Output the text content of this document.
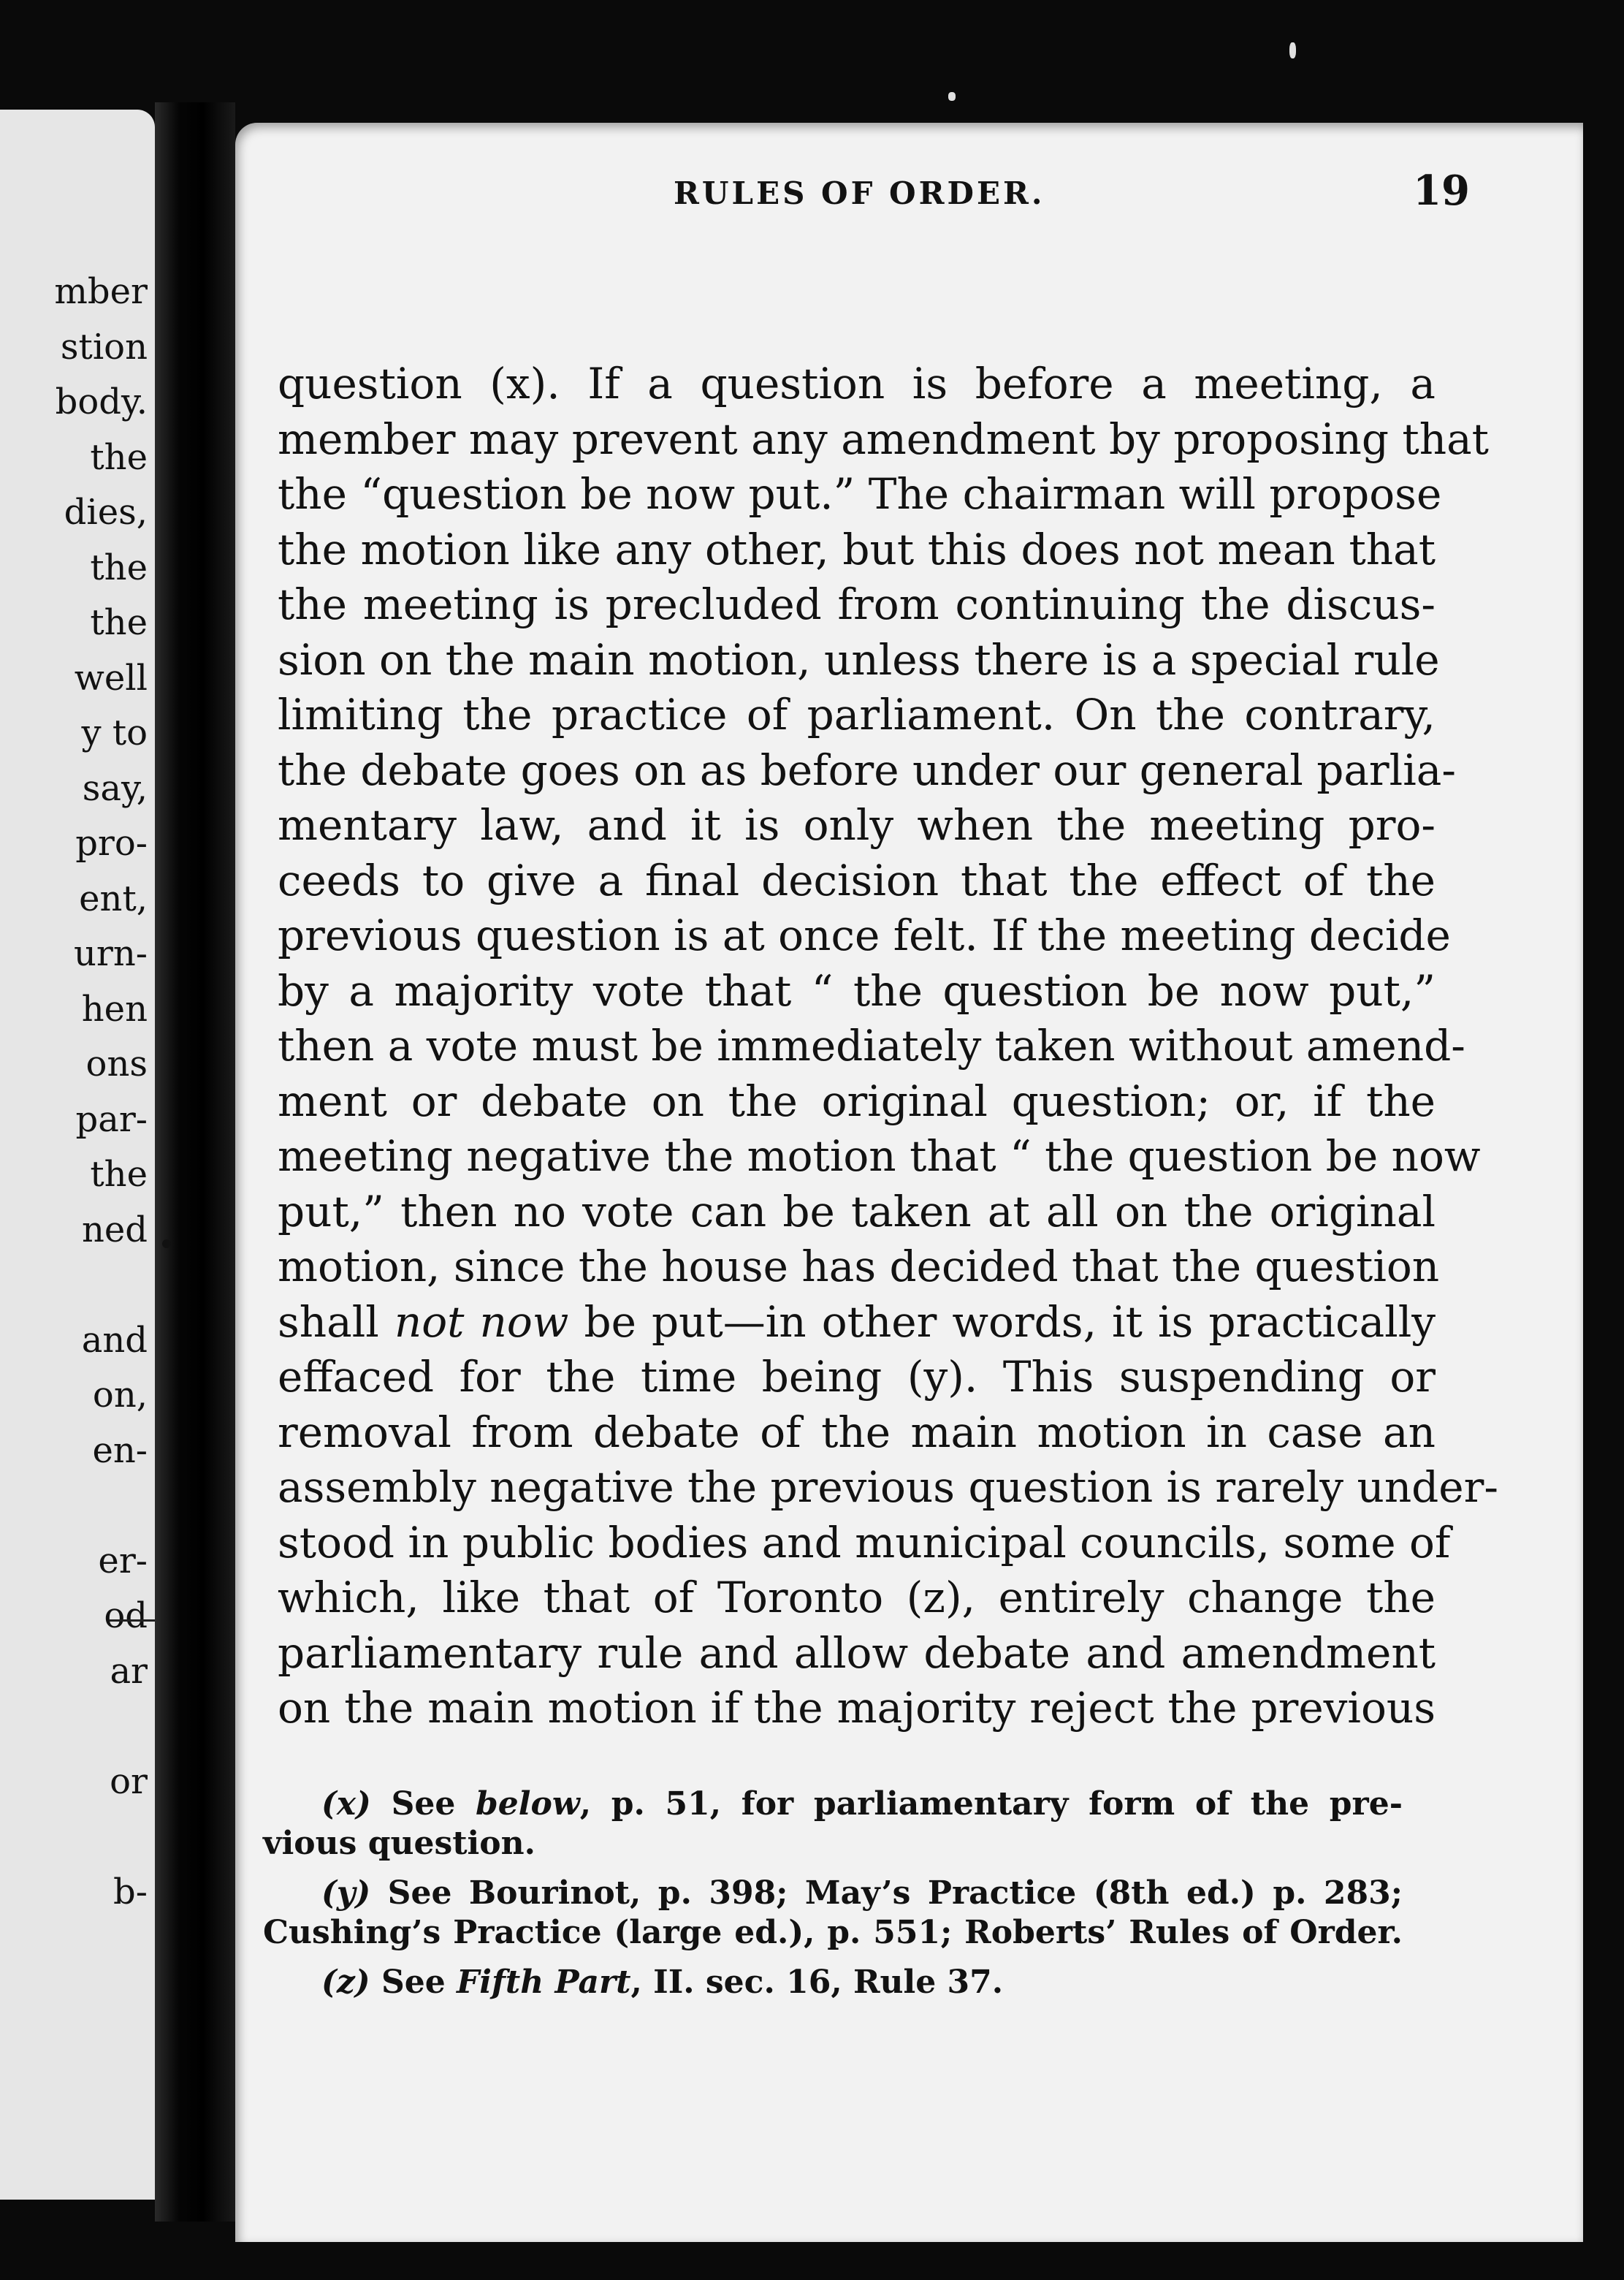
mber
stion
body.
the
dies,
the
the
well
y to
say,
pro-
ent,
urn-
hen
ons
par-
the
ned
and
on,
en-
er-
od
ar
or
b-
RULES OF ORDER.	19
question (x). If a question is before a meeting, a
member may prevent any amendment by proposing that
the “question be now put.” The chairman will propose
the motion like any other, but this does not mean that
the meeting is precluded from continuing the discus-
sion on the main motion, unless there is a special rule
limiting the practice of parliament. On the contrary,
the debate goes on as before under our general parlia-
mentary law, and it is only when the meeting pro-
ceeds to give a final decision that the effect of the
previous question is at once felt. If the meeting decide
by a majority vote that “ the question be now put,”
then a vote must be immediately taken without amend-
ment or debate on the original question; or, if the
meeting negative the motion that “ the question be now
put,” then no vote can be taken at all on the original
motion, since the house has decided that the question
shall not now be put—in other words, it is practically
effaced for the time being (y). This suspending or
removal from debate of the main motion in case an
assembly negative the previous question is rarely under-
stood in public bodies and municipal councils, some of
which, like that of Toronto (z), entirely change the
parliamentary rule and allow debate and amendment
on the main motion if the majority reject the previous
(x) See below, p. 51, for parliamentary form of the pre-
vious question.
(y) See Bourinot, p. 398; May’s Practice (8th ed.) p. 283;
Cushing’s Practice (large ed.), p. 551; Roberts’ Rules of Order.
(z) See Fifth Part, II. sec. 16, Rule 37.
